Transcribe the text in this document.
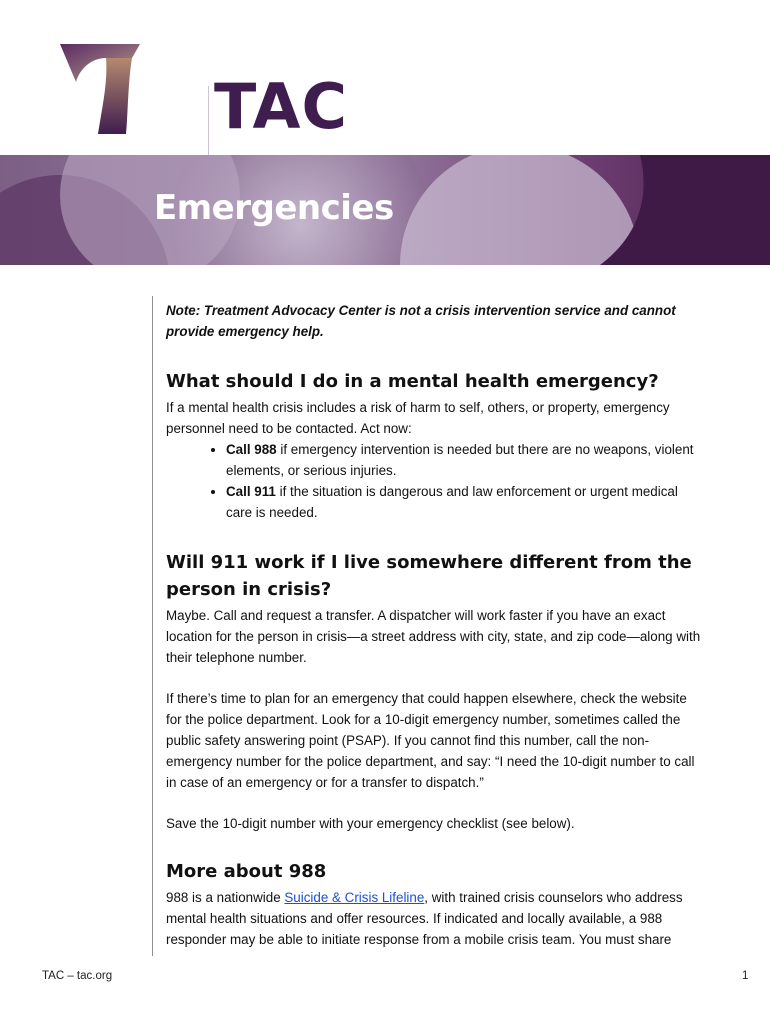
TAC
Emergencies

Note: Treatment Advocacy Center is not a crisis intervention service and cannot provide emergency help.

What should I do in a mental health emergency?

If a mental health crisis includes a risk of harm to self, others, or property, emergency personnel need to be contacted. Act now:

• Call 988 if emergency intervention is needed but there are no weapons, violent elements, or serious injuries.
• Call 911 if the situation is dangerous and law enforcement or urgent medical care is needed.
Will 911 work if I live somewhere different from the person in crisis?

Maybe. Call and request a transfer. A dispatcher will work faster if you have an exact location for the person in crisis—a street address with city, state, and zip code—along with their telephone number.

If there’s time to plan for an emergency that could happen elsewhere, check the website for the police department. Look for a 10-digit emergency number, sometimes called the public safety answering point (PSAP). If you cannot find this number, call the non-emergency number for the police department, and say: “I need the 10-digit number to call in case of an emergency or for a transfer to dispatch.”

Save the 10-digit number with your emergency checklist (see below).

More about 988

988 is a nationwide Suicide & Crisis Lifeline, with trained crisis counselors who address mental health situations and offer resources. If indicated and locally available, a 988 responder may be able to initiate response from a mobile crisis team. You must share

TAC – tac.org	1
